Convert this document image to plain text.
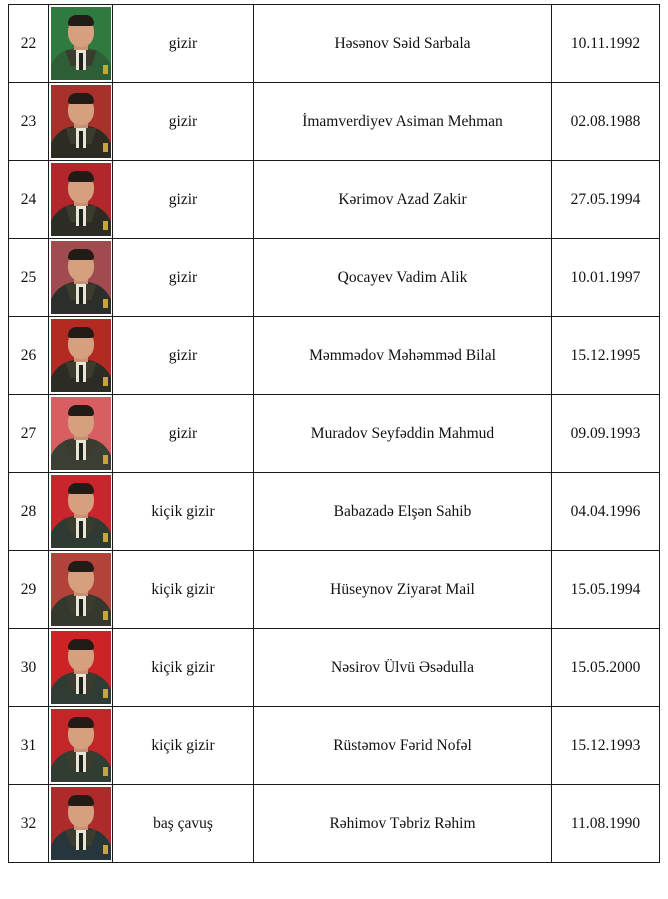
22		gizir	Həsənov Səid Sarbala	10.11.1992
23		gizir	İmamverdiyev Asiman Mehman	02.08.1988
24		gizir	Kərimov Azad Zakir	27.05.1994
25		gizir	Qocayev Vadim Alik	10.01.1997
26		gizir	Məmmədov Məhəmməd Bilal	15.12.1995
27		gizir	Muradov Seyfəddin Mahmud	09.09.1993
28		kiçik gizir	Babazadə Elşən Sahib	04.04.1996
29		kiçik gizir	Hüseynov Ziyarət Mail	15.05.1994
30		kiçik gizir	Nəsirov Ülvü Əsədulla	15.05.2000
31		kiçik gizir	Rüstəmov Fərid Nofəl	15.12.1993
32		baş çavuş	Rəhimov Təbriz Rəhim	11.08.1990
